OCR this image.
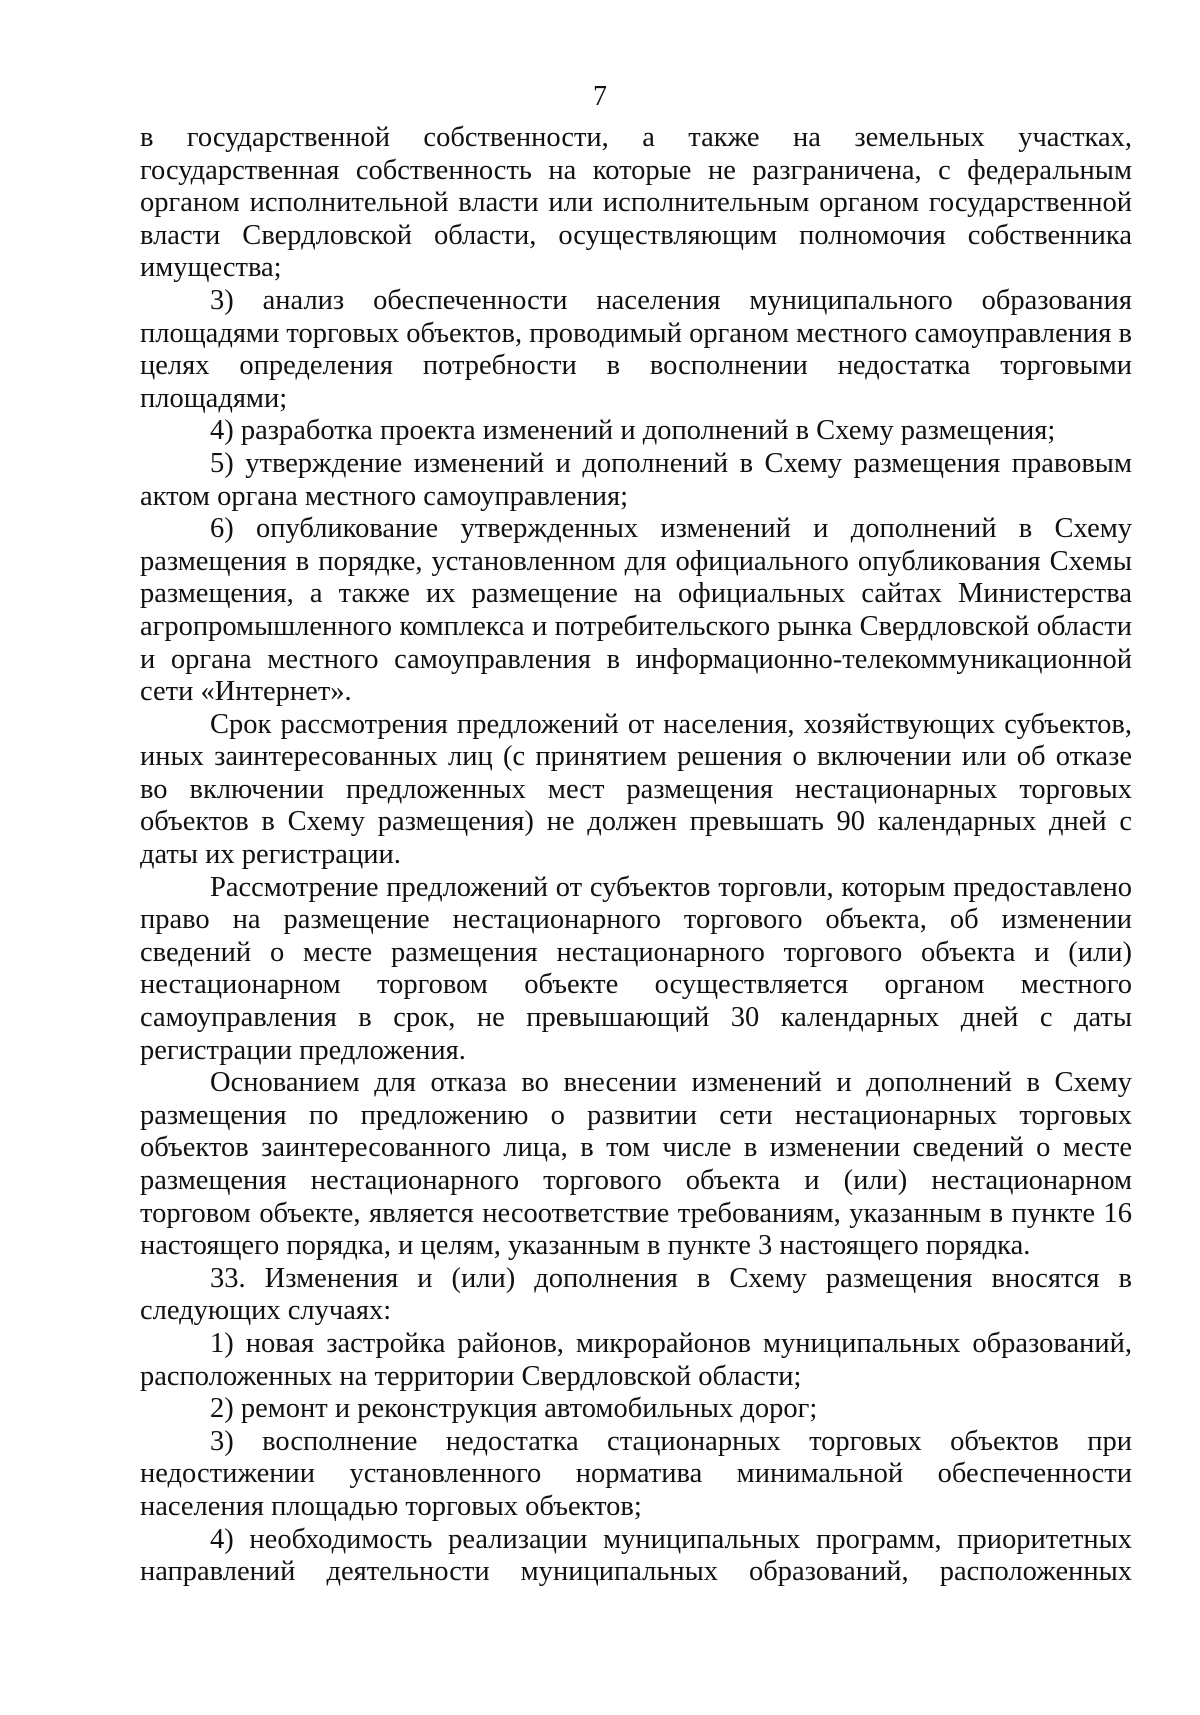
7

в государственной собственности, а также на земельных участках, государственная собственность на которые не разграничена, с федеральным органом исполнительной власти или исполнительным органом государственной власти Свердловской области, осуществляющим полномочия собственника имущества;

3) анализ обеспеченности населения муниципального образования площадями торговых объектов, проводимый органом местного самоуправления в целях определения потребности в восполнении недостатка торговыми площадями;

4) разработка проекта изменений и дополнений в Схему размещения;

5) утверждение изменений и дополнений в Схему размещения правовым актом органа местного самоуправления;

6) опубликование утвержденных изменений и дополнений в Схему размещения в порядке, установленном для официального опубликования Схемы размещения, а также их размещение на официальных сайтах Министерства агропромышленного комплекса и потребительского рынка Свердловской области и органа местного самоуправления в информационно-телекоммуникационной сети «Интернет».

Срок рассмотрения предложений от населения, хозяйствующих субъектов, иных заинтересованных лиц (с принятием решения о включении или об отказе во включении предложенных мест размещения нестационарных торговых объектов в Схему размещения) не должен превышать 90 календарных дней с даты их регистрации.

Рассмотрение предложений от субъектов торговли, которым предоставлено право на размещение нестационарного торгового объекта, об изменении сведений о месте размещения нестационарного торгового объекта и (или) нестационарном торговом объекте осуществляется органом местного самоуправления в срок, не превышающий 30 календарных дней с даты регистрации предложения.

Основанием для отказа во внесении изменений и дополнений в Схему размещения по предложению о развитии сети нестационарных торговых объектов заинтересованного лица, в том числе в изменении сведений о месте размещения нестационарного торгового объекта и (или) нестационарном торговом объекте, является несоответствие требованиям, указанным в пункте 16 настоящего порядка, и целям, указанным в пункте 3 настоящего порядка.

33. Изменения и (или) дополнения в Схему размещения вносятся в следующих случаях:

1) новая застройка районов, микрорайонов муниципальных образований, расположенных на территории Свердловской области;

2) ремонт и реконструкция автомобильных дорог;

3) восполнение недостатка стационарных торговых объектов при недостижении установленного норматива минимальной обеспеченности населения площадью торговых объектов;

4) необходимость реализации муниципальных программ, приоритетных направлений деятельности муниципальных образований, расположенных
